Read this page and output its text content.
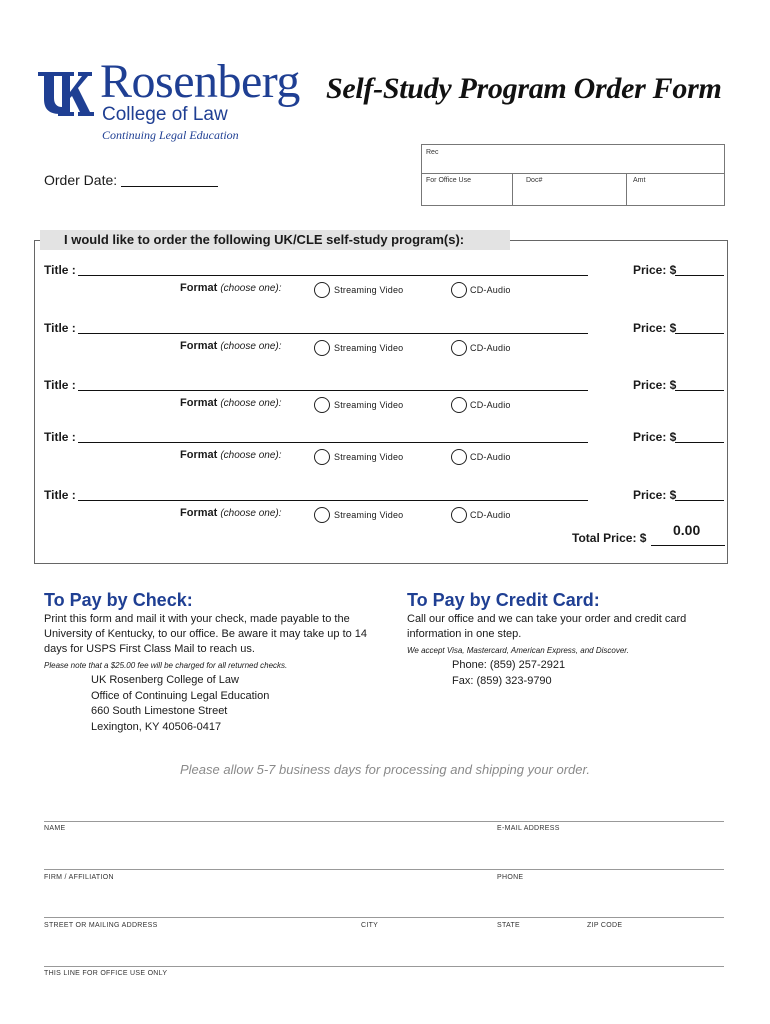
Rosenberg
College of Law
Continuing Legal Education
Self-Study Program Order Form
Rec
For Office Use	Doc#	Amt
Order Date:
I would like to order the following UK/CLE self-study program(s):
Title :	Price: $
Format (choose one):	Streaming Video	CD-Audio
Title :	Price: $
Format (choose one):	Streaming Video	CD-Audio
Title :	Price: $
Format (choose one):	Streaming Video	CD-Audio
Title :	Price: $
Format (choose one):	Streaming Video	CD-Audio
Title :	Price: $
Format (choose one):	Streaming Video	CD-Audio
Total Price: $ 0.00
To Pay by Check:
Print this form and mail it with your check, made payable to the University of Kentucky, to our office. Be aware it may take up to 14 days for USPS First Class Mail to reach us.
Please note that a $25.00 fee will be charged for all returned checks.
UK Rosenberg College of Law
Office of Continuing Legal Education
660 South Limestone Street
Lexington, KY 40506-0417
To Pay by Credit Card:
Call our office and we can take your order and credit card information in one step.
We accept Visa, Mastercard, American Express, and Discover.
Phone: (859) 257-2921
Fax: (859) 323-9790
Please allow 5-7 business days for processing and shipping your order.
NAME	E-MAIL ADDRESS
FIRM / AFFILIATION	PHONE
STREET OR MAILING ADDRESS	CITY	STATE	ZIP CODE
THIS LINE FOR OFFICE USE ONLY
